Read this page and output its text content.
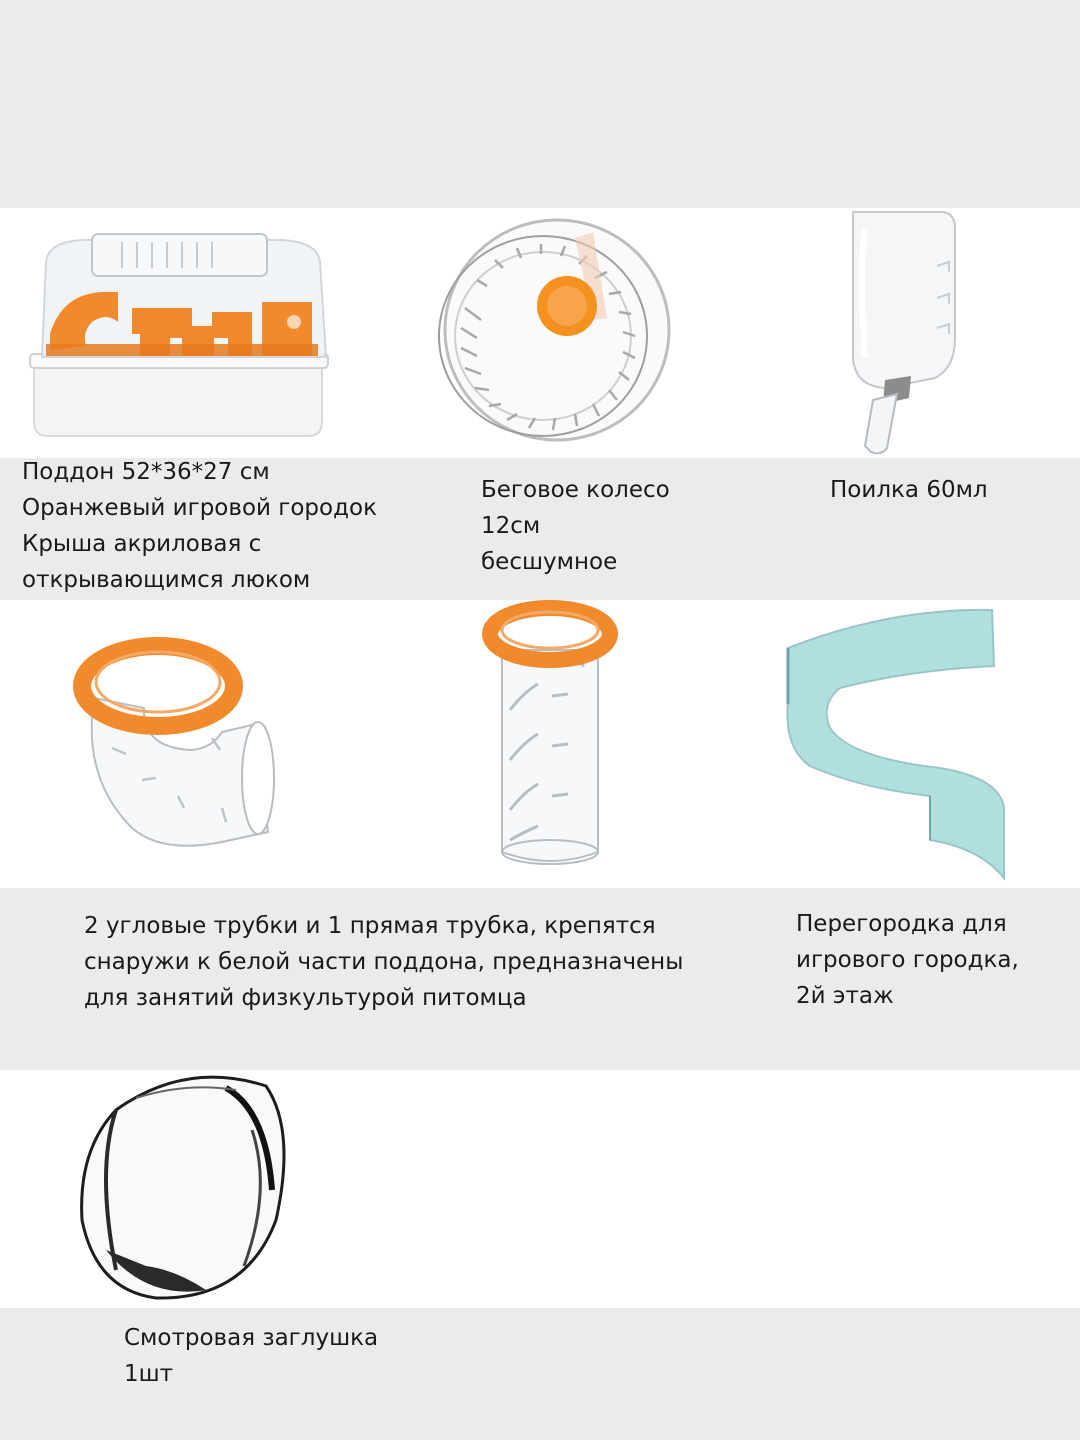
Поддон 52*36*27 см
Оранжевый игровой городок
Крыша акриловая с
открывающимся люком

Беговое колесо
12см
бесшумное

Поилка 60мл

2 угловые трубки и 1 прямая трубка, крепятся
снаружи к белой части поддона, предназначены
для занятий физкультурой питомца

Перегородка для
игрового городка,
2й этаж

Смотровая заглушка
1шт
